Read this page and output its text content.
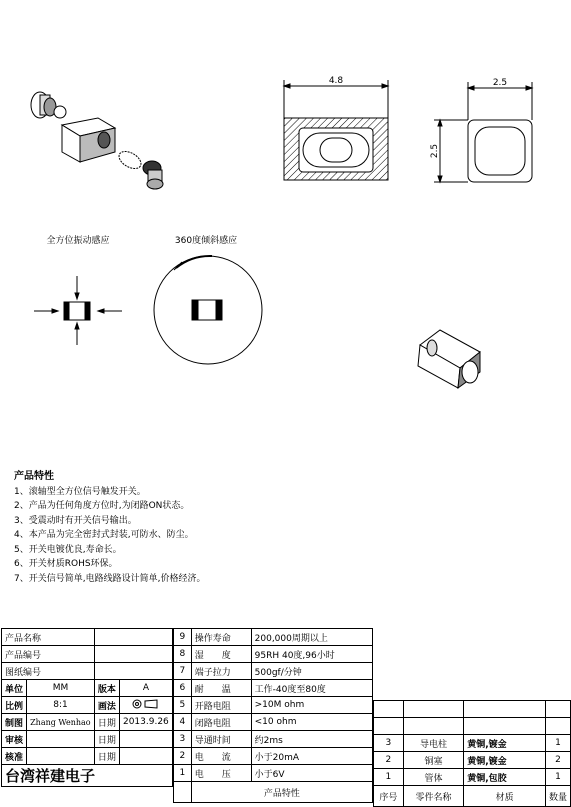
4.8	2.5
2.5
全方位振动感应	360度倾斜感应
产品特性
1、滚轴型全方位信号触发开关。
2、产品为任何角度方位时,为闭路ON状态。
3、受震动时有开关信号输出。
4、本产品为完全密封式封装,可防水、防尘。
5、开关电镀优良,寿命长。
6、开关材质ROHS环保。
7、开关信号简单,电路线路设计简单,价格经济。
产品名称			
产品编号			
图纸编号			
单位	MM	版本	A
比例	8:1	画法	
制图	Zhang Wenhao	日期	2013.9.26
审核		日期	
核准		日期	
台湾祥建电子			
9	操作寿命	200,000周期以上
8	湿　　度	95RH 40度,96小时
7	端子拉力	500gf/分钟
6	耐　　温	工作-40度至80度
5	开路电阻	>10M ohm
4	闭路电阻	<10 ohm
3	导通时间	约2ms
2	电　　流	小于20mA
1	电　　压	小于6V
	产品特性	

3	导电柱	黄铜,镀金	1
2	铜塞	黄铜,镀金	2
1	管体	黄铜,包胶	1
序号	零件名称	材质	数量
